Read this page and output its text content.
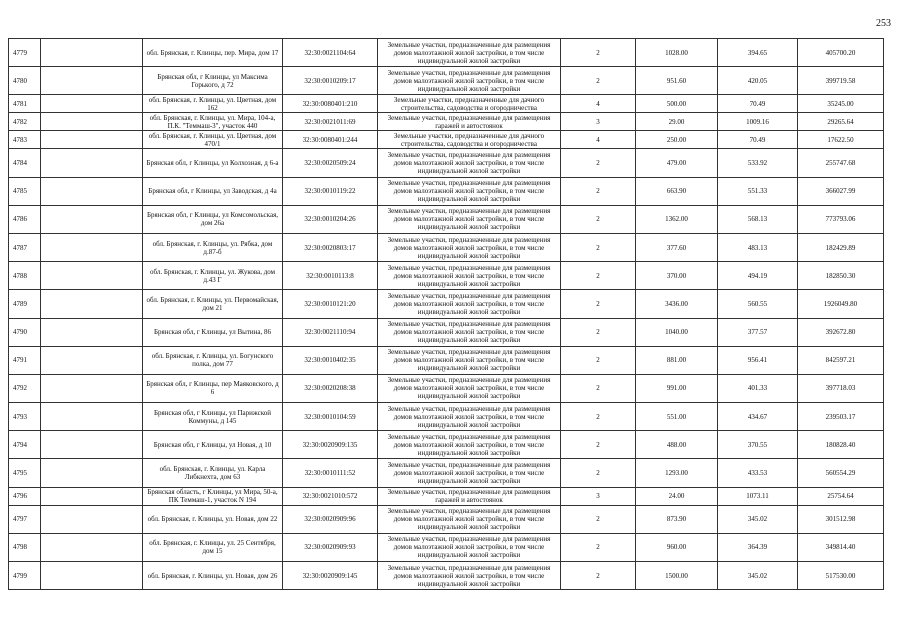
253
4779		обл. Брянская, г. Клинцы, пер. Мира, дом 17	32:30:0021104:64	Земельные участки, предназначенные для размещения домов малоэтажной жилой застройки, в том числе индивидуальной жилой застройки	2	1028.00	394.65	405700.20
4780		Брянская обл, г Клинцы, ул Максима Горького, д 72	32:30:0010209:17	Земельные участки, предназначенные для размещения домов малоэтажной жилой застройки, в том числе индивидуальной жилой застройки	2	951.60	420.05	399719.58
4781		обл. Брянская, г. Клинцы, ул. Цветная, дом 162	32:30:0080401:210	Земельные участки, предназначенные для дачного строительства, садоводства и огородничества	4	500.00	70.49	35245.00
4782		обл. Брянская, г. Клинцы, ул. Мира, 104-а, П.К. "Теммаш-3", участок 440	32:30:0021011:69	Земельные участки, предназначенные для размещения гаражей и автостоянок	3	29.00	1009.16	29265.64
4783		обл. Брянская, г. Клинцы, ул. Цветная, дом 470/1	32:30:0080401:244	Земельные участки, предназначенные для дачного строительства, садоводства и огородничества	4	250.00	70.49	17622.50
4784		Брянская обл, г Клинцы, ул Колхозная, д 6-а	32:30:0020509:24	Земельные участки, предназначенные для размещения домов малоэтажной жилой застройки, в том числе индивидуальной жилой застройки	2	479.00	533.92	255747.68
4785		Брянская обл, г Клинцы, ул Заводская, д 4а	32:30:0010119:22	Земельные участки, предназначенные для размещения домов малоэтажной жилой застройки, в том числе индивидуальной жилой застройки	2	663.90	551.33	366027.99
4786		Брянская обл, г Клинцы, ул Комсомольская, дом 26а	32:30:0010204:26	Земельные участки, предназначенные для размещения домов малоэтажной жилой застройки, в том числе индивидуальной жилой застройки	2	1362.00	568.13	773793.06
4787		обл. Брянская, г. Клинцы, ул. Рябка, дом д.87-б	32:30:0020803:17	Земельные участки, предназначенные для размещения домов малоэтажной жилой застройки, в том числе индивидуальной жилой застройки	2	377.60	483.13	182429.89
4788		обл. Брянская, г. Клинцы, ул. Жукова, дом д.43 Г	32:30:0010113:8	Земельные участки, предназначенные для размещения домов малоэтажной жилой застройки, в том числе индивидуальной жилой застройки	2	370.00	494.19	182850.30
4789		обл. Брянская, г. Клинцы, ул. Первомайская, дом 21	32:30:0010121:20	Земельные участки, предназначенные для размещения домов малоэтажной жилой застройки, в том числе индивидуальной жилой застройки	2	3436.00	560.55	1926049.80
4790		Брянская обл, г Клинцы, ул Вытина, 86	32:30:0021110:94	Земельные участки, предназначенные для размещения домов малоэтажной жилой застройки, в том числе индивидуальной жилой застройки	2	1040.00	377.57	392672.80
4791		обл. Брянская, г. Клинцы, ул. Богунского полка, дом 77	32:30:0010402:35	Земельные участки, предназначенные для размещения домов малоэтажной жилой застройки, в том числе индивидуальной жилой застройки	2	881.00	956.41	842597.21
4792		Брянская обл, г Клинцы, пер Маяковского, д 6	32:30:0020208:38	Земельные участки, предназначенные для размещения домов малоэтажной жилой застройки, в том числе индивидуальной жилой застройки	2	991.00	401.33	397718.03
4793		Брянская обл, г Клинцы, ул Парижской Коммуны, д 145	32:30:0010104:59	Земельные участки, предназначенные для размещения домов малоэтажной жилой застройки, в том числе индивидуальной жилой застройки	2	551.00	434.67	239503.17
4794		Брянская обл, г Клинцы, ул Новая, д 10	32:30:0020909:135	Земельные участки, предназначенные для размещения домов малоэтажной жилой застройки, в том числе индивидуальной жилой застройки	2	488.00	370.55	180828.40
4795		обл. Брянская, г. Клинцы, ул. Карла Либкнехта, дом 63	32:30:0010111:52	Земельные участки, предназначенные для размещения домов малоэтажной жилой застройки, в том числе индивидуальной жилой застройки	2	1293.00	433.53	560554.29
4796		Брянская область, г Клинцы, ул Мира, 50-а, ПК Теммаш-1, участок N 194	32:30:0021010:572	Земельные участки, предназначенные для размещения гаражей и автостоянок	3	24.00	1073.11	25754.64
4797		обл. Брянская, г. Клинцы, ул. Новая, дом 22	32:30:0020909:96	Земельные участки, предназначенные для размещения домов малоэтажной жилой застройки, в том числе индивидуальной жилой застройки	2	873.90	345.02	301512.98
4798		обл. Брянская, г. Клинцы, ул. 25 Сентября, дом 15	32:30:0020909:93	Земельные участки, предназначенные для размещения домов малоэтажной жилой застройки, в том числе индивидуальной жилой застройки	2	960.00	364.39	349814.40
4799		обл. Брянская, г. Клинцы, ул. Новая, дом 26	32:30:0020909:145	Земельные участки, предназначенные для размещения домов малоэтажной жилой застройки, в том числе индивидуальной жилой застройки	2	1500.00	345.02	517530.00
